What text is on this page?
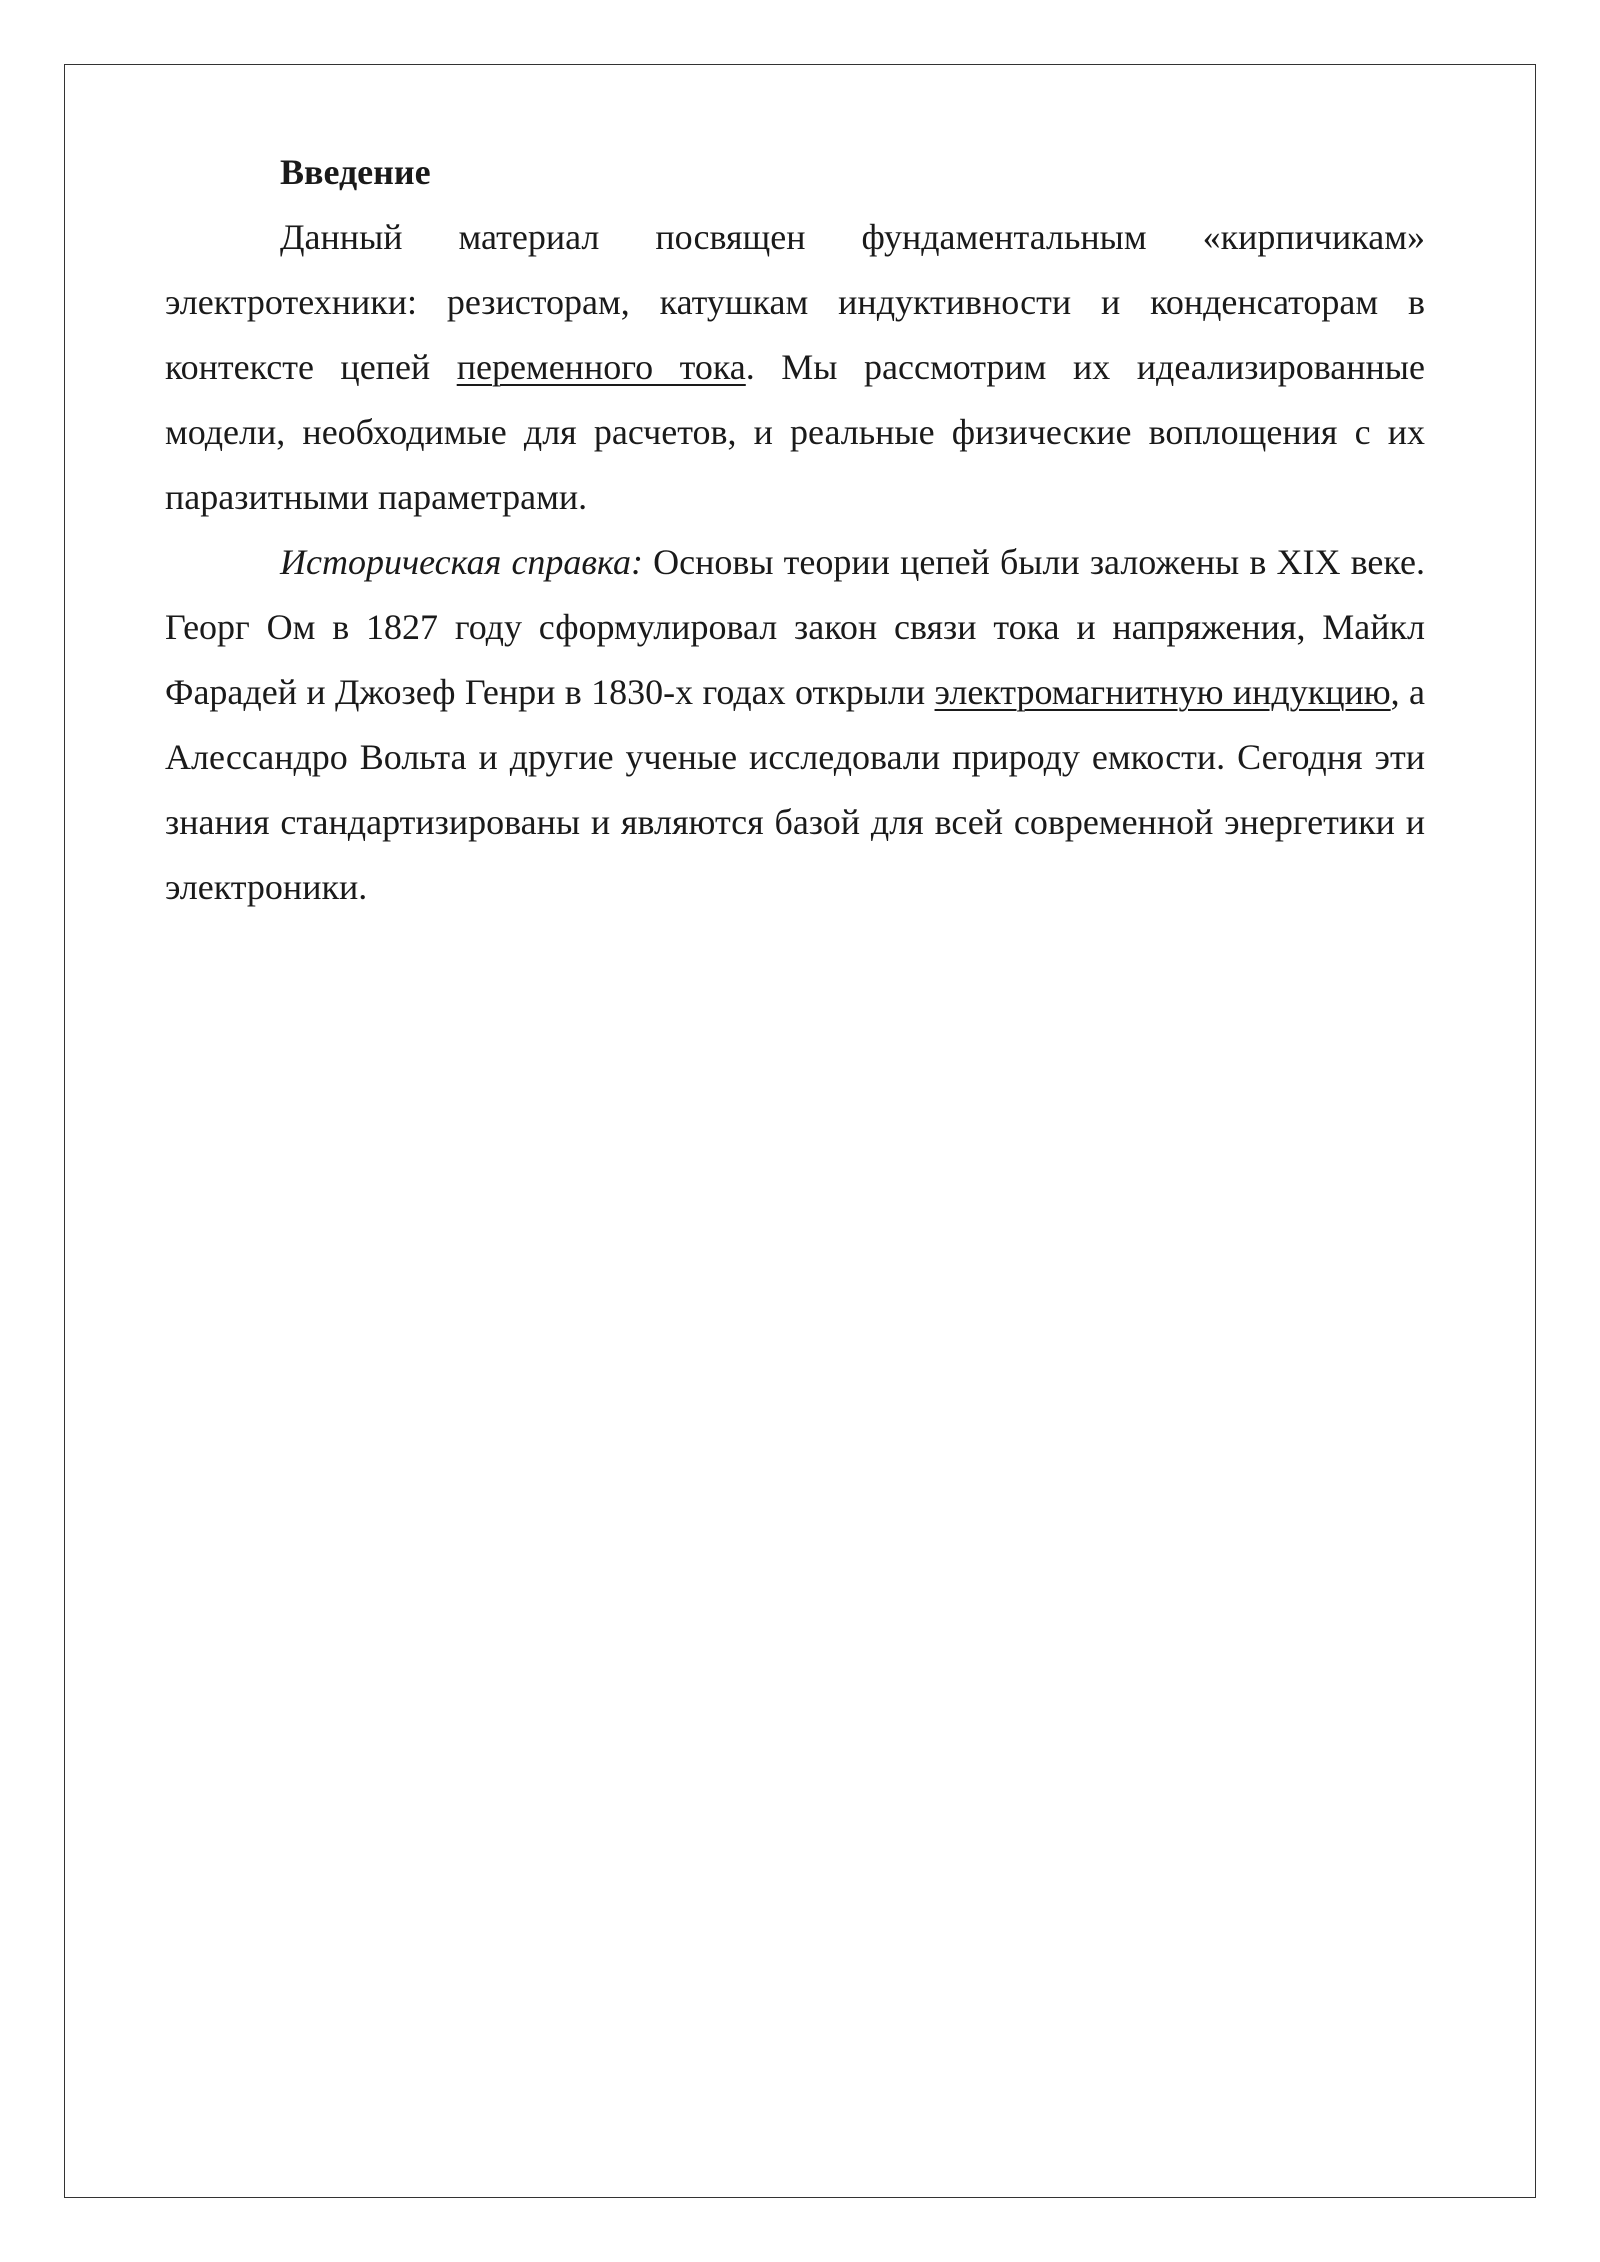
Введение

Данный материал посвящен фундаментальным «кирпичикам» электротехники: резисторам, катушкам индуктивности и конденсаторам в контексте цепей переменного тока. Мы рассмотрим их идеализированные модели, необходимые для расчетов, и реальные физические воплощения с их паразитными параметрами.

Историческая справка: Основы теории цепей были заложены в XIX веке. Георг Ом в 1827 году сформулировал закон связи тока и напряжения, Майкл Фарадей и Джозеф Генри в 1830-х годах открыли электромагнитную индукцию, а Алессандро Вольта и другие ученые исследовали природу емкости. Сегодня эти знания стандартизированы и являются базой для всей современной энергетики и электроники.
